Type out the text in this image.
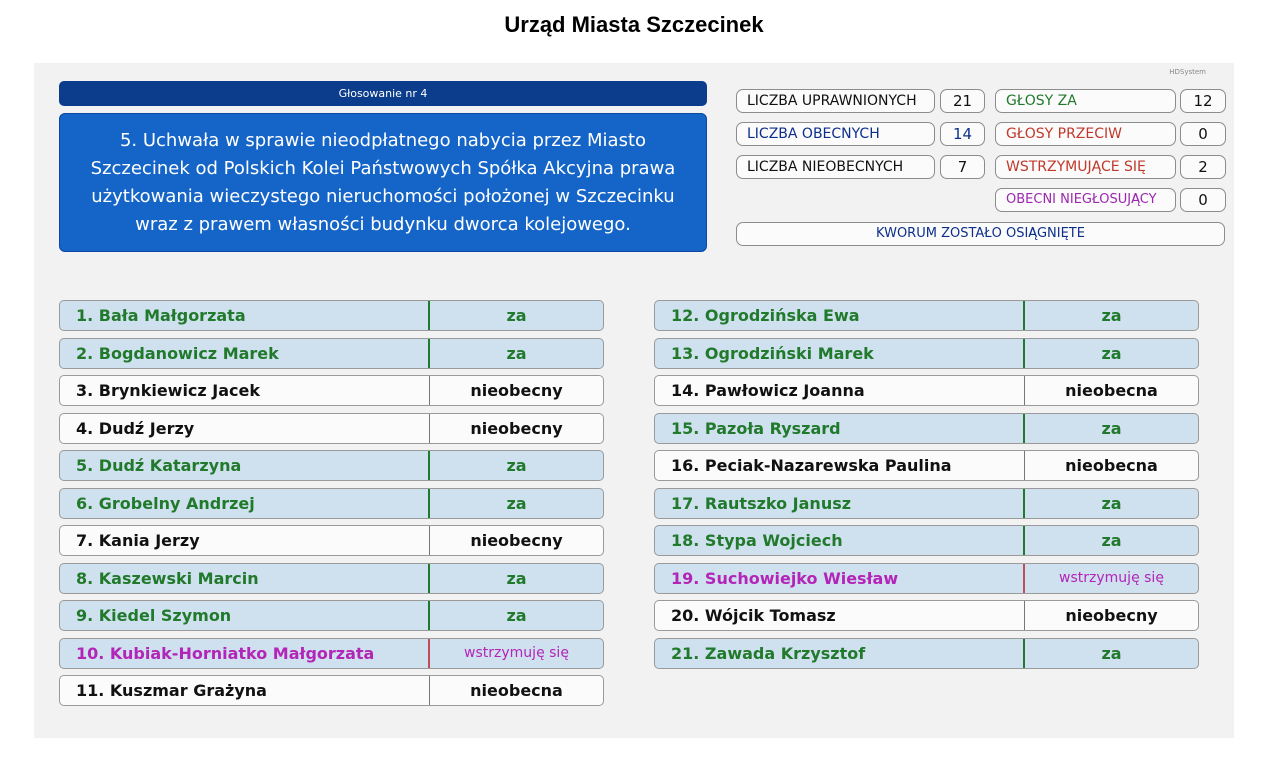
Urząd Miasta Szczecinek
HDSystem
Głosowanie nr 4
5. Uchwała w sprawie nieodpłatnego nabycia przez Miasto Szczecinek od Polskich Kolei Państwowych Spółka Akcyjna prawa użytkowania wieczystego nieruchomości położonej w Szczecinku wraz z prawem własności budynku dworca kolejowego.
LICZBA UPRAWNIONYCH	21
LICZBA OBECNYCH	14
LICZBA NIEOBECNYCH	7
GŁOSY ZA	12
GŁOSY PRZECIW	0
WSTRZYMUJĄCE SIĘ	2
OBECNI NIEGŁOSUJĄCY	0
KWORUM ZOSTAŁO OSIĄGNIĘTE
1. Bała Małgorzata	za
2. Bogdanowicz Marek	za
3. Brynkiewicz Jacek	nieobecny
4. Dudź Jerzy	nieobecny
5. Dudź Katarzyna	za
6. Grobelny Andrzej	za
7. Kania Jerzy	nieobecny
8. Kaszewski Marcin	za
9. Kiedel Szymon	za
10. Kubiak-Horniatko Małgorzata	wstrzymuję się
11. Kuszmar Grażyna	nieobecna
12. Ogrodzińska Ewa	za
13. Ogrodziński Marek	za
14. Pawłowicz Joanna	nieobecna
15. Pazoła Ryszard	za
16. Peciak-Nazarewska Paulina	nieobecna
17. Rautszko Janusz	za
18. Stypa Wojciech	za
19. Suchowiejko Wiesław	wstrzymuję się
20. Wójcik Tomasz	nieobecny
21. Zawada Krzysztof	za
